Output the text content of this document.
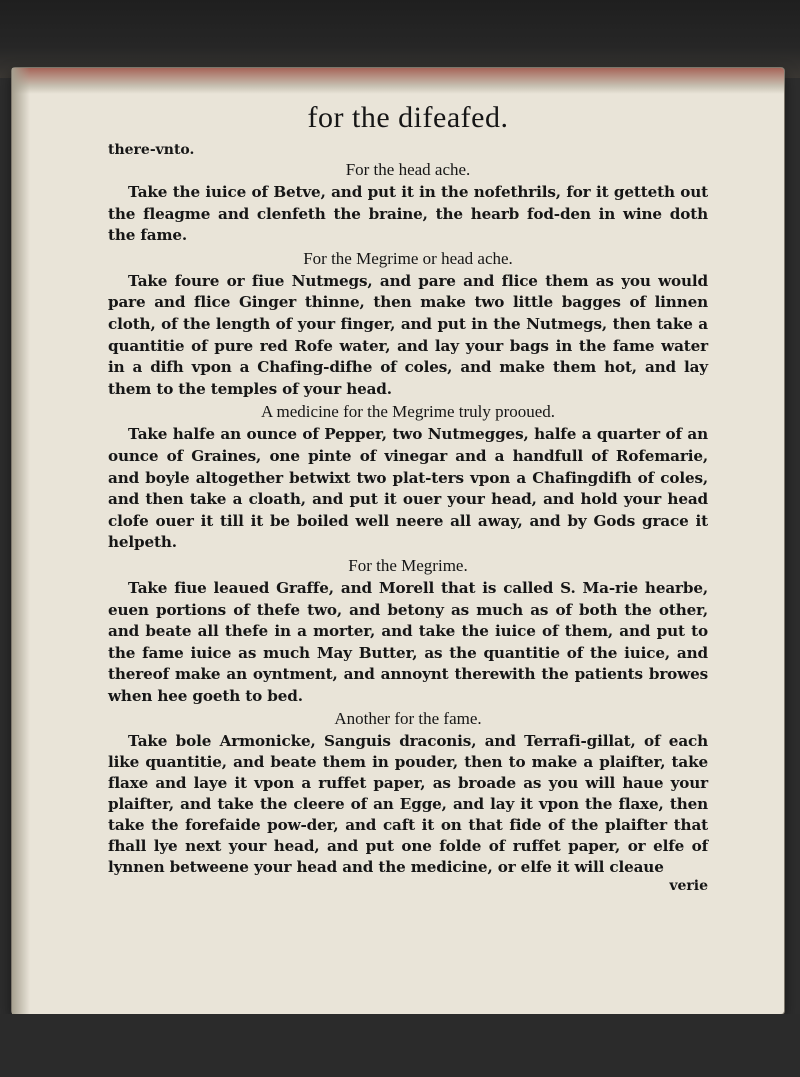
for the difeafed.

there-vnto.

For the head ache.

Take the iuice of Betve, and put it in the nofethrils, for it getteth out the fleagme and clenfeth the braine, the hearb fod-den in wine doth the fame.

For the Megrime or head ache.

Take foure or fiue Nutmegs, and pare and flice them as you would pare and flice Ginger thinne, then make two little bagges of linnen cloth, of the length of your finger, and put in the Nutmegs, then take a quantitie of pure red Rofe water, and lay your bags in the fame water in a difh vpon a Chafing-difhe of coles, and make them hot, and lay them to the temples of your head.

A medicine for the Megrime truly prooued.

Take halfe an ounce of Pepper, two Nutmegges, halfe a quarter of an ounce of Graines, one pinte of vinegar and a handfull of Rofemarie, and boyle altogether betwixt two plat-ters vpon a Chafingdifh of coles, and then take a cloath, and put it ouer your head, and hold your head clofe ouer it till it be boiled well neere all away, and by Gods grace it helpeth.

For the Megrime.

Take fiue leaued Graffe, and Morell that is called S. Ma-rie hearbe, euen portions of thefe two, and betony as much as of both the other, and beate all thefe in a morter, and take the iuice of them, and put to the fame iuice as much May Butter, as the quantitie of the iuice, and thereof make an oyntment, and annoynt therewith the patients browes when hee goeth to bed.

Another for the fame.

Take bole Armonicke, Sanguis draconis, and Terrafi-gillat, of each like quantitie, and beate them in pouder, then to make a plaifter, take flaxe and laye it vpon a ruffet paper, as broade as you will haue your plaifter, and take the cleere of an Egge, and lay it vpon the flaxe, then take the forefaide pow-der, and caft it on that fide of the plaifter that fhall lye next your head, and put one folde of ruffet paper, or elfe of lynnen betweene your head and the medicine, or elfe it will cleaue

verie
